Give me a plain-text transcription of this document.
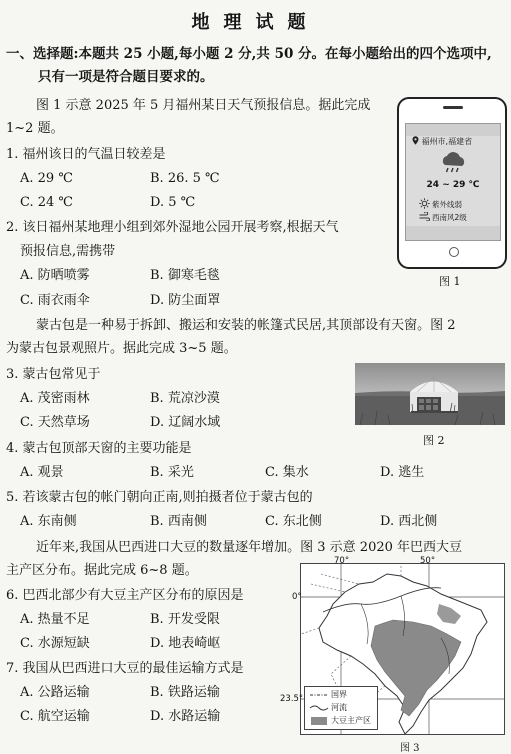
地理试题
一、选择题:本题共 25 小题,每小题 2 分,共 50 分。在每小题给出的四个选项中,
只有一项是符合题目要求的。
图 1 示意 2025 年 5 月福州某日天气预报信息。据此完成
1~2 题。
1. 福州该日的气温日较差是
A. 29 ℃	B. 26. 5 ℃
C. 24 ℃	D. 5 ℃
2. 该日福州某地理小组到郊外湿地公园开展考察,根据天气
预报信息,需携带
A. 防晒喷雾	B. 御寒毛毯
C. 雨衣雨伞	D. 防尘面罩
蒙古包是一种易于拆卸、搬运和安装的帐篷式民居,其顶部设有天窗。图 2
为蒙古包景观照片。据此完成 3~5 题。
3. 蒙古包常见于
A. 茂密雨林	B. 荒凉沙漠
C. 天然草场	D. 辽阔水域
4. 蒙古包顶部天窗的主要功能是
A. 观景	B. 采光	C. 集水	D. 逃生
5. 若该蒙古包的帐门朝向正南,则拍摄者位于蒙古包的
A. 东南侧	B. 西南侧	C. 东北侧	D. 西北侧
近年来,我国从巴西进口大豆的数量逐年增加。图 3 示意 2020 年巴西大豆
主产区分布。据此完成 6~8 题。
6. 巴西北部少有大豆主产区分布的原因是
A. 热量不足	B. 开发受限
C. 水源短缺	D. 地表崎岖
7. 我国从巴西进口大豆的最佳运输方式是
A. 公路运输	B. 铁路运输
C. 航空运输	D. 水路运输
福州市,福建省
24 ~ 29 ℃
紫外线弱
西南风2级
图 1
图 2
70°	50°
0°
23.5°	国界
河流
大豆主产区
图 3
